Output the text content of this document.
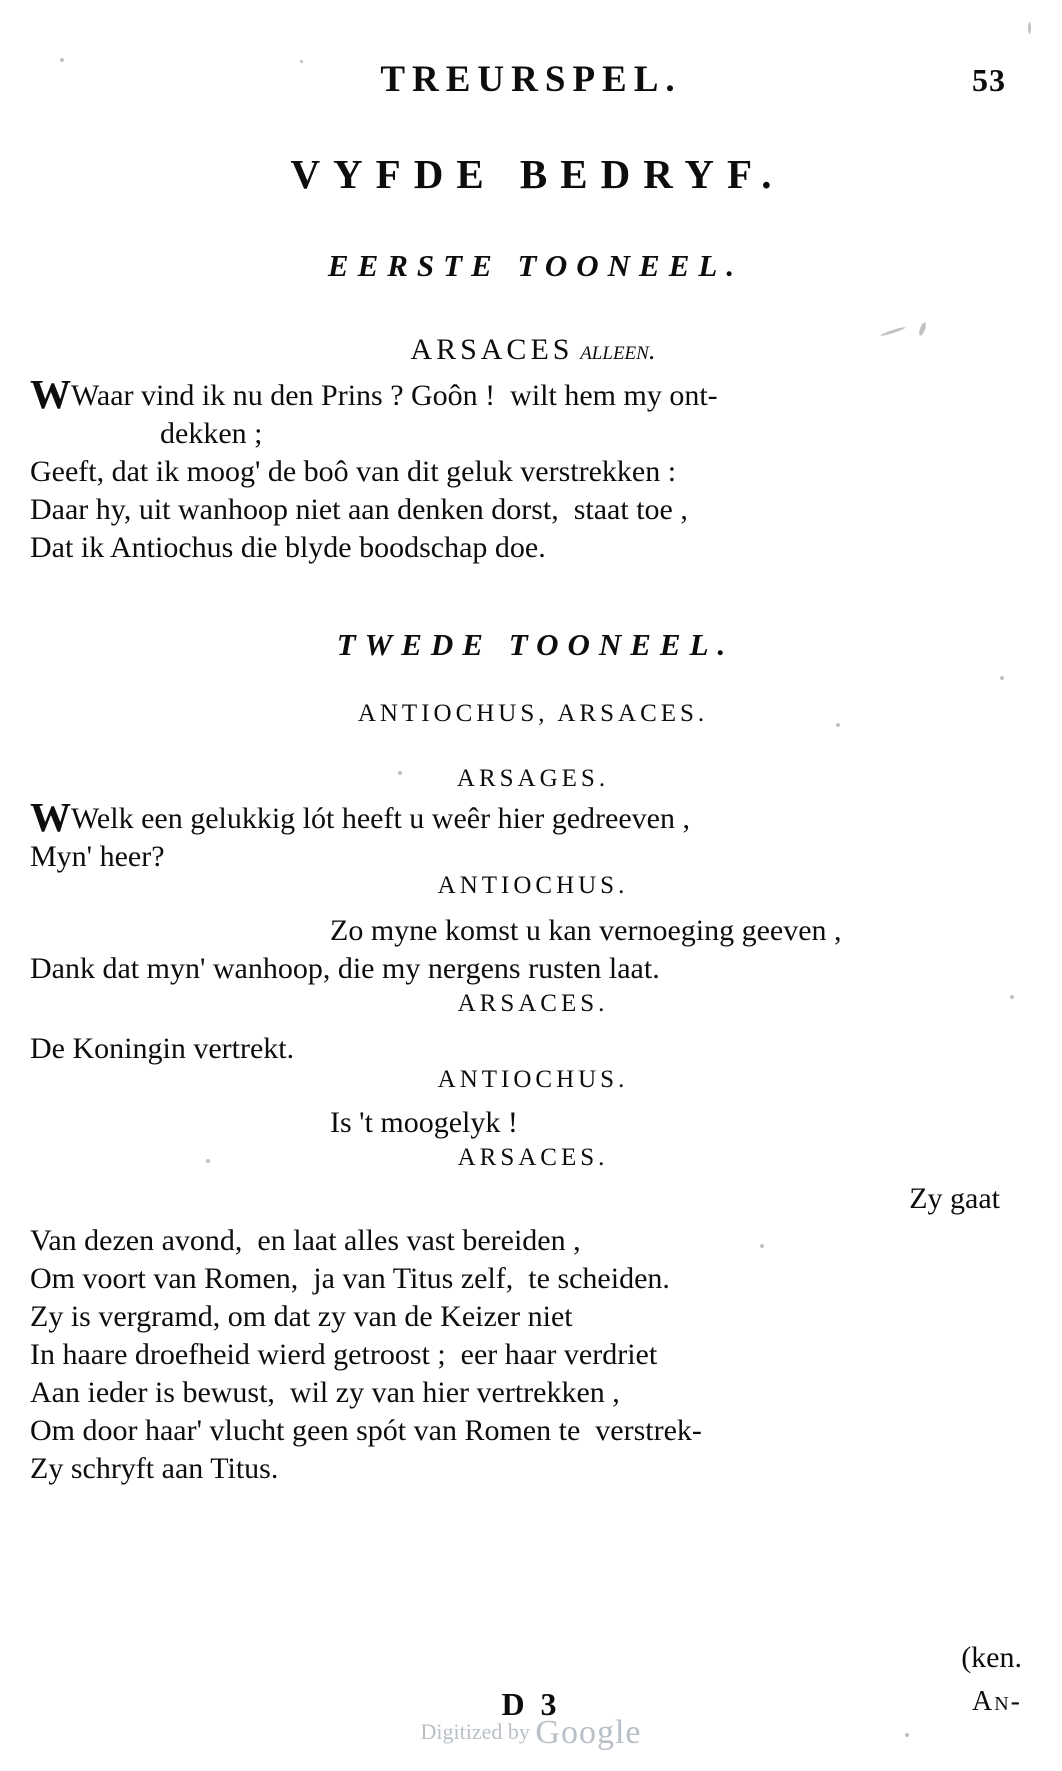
TREURSPEL.	53
VYFDE BEDRYF.
EERSTE TOONEEL.
ARSACES alleen.
WWaar vind ik nu den Prins ? Goôn !  wilt hem my ont-
dekken ;
Geeft, dat ik moog' de boô van dit geluk verstrekken :
Daar hy, uit wanhoop niet aan denken dorst,  staat toe ,
Dat ik Antiochus die blyde boodschap doe.
TWEDE TOONEEL.
ANTIOCHUS, ARSACES.
ARSAGES.
WWelk een gelukkig lót heeft u weêr hier gedreeven ,
Myn' heer?
ANTIOCHUS.
Zo myne komst u kan vernoeging geeven ,
Dank dat myn' wanhoop, die my nergens rusten laat.
ARSACES.
De Koningin vertrekt.
ANTIOCHUS.
Is 't moogelyk !
ARSACES.
Zy gaat
Van dezen avond,  en laat alles vast bereiden ,
Om voort van Romen,  ja van Titus zelf,  te scheiden.
Zy is vergramd, om dat zy van de Keizer niet
In haare droefheid wierd getroost ;  eer haar verdriet
Aan ieder is bewust,  wil zy van hier vertrekken ,
Om door haar' vlucht geen spót van Romen te  verstrek-
Zy schryft aan Titus.
(ken.
D 3	An-
Digitized by Google
